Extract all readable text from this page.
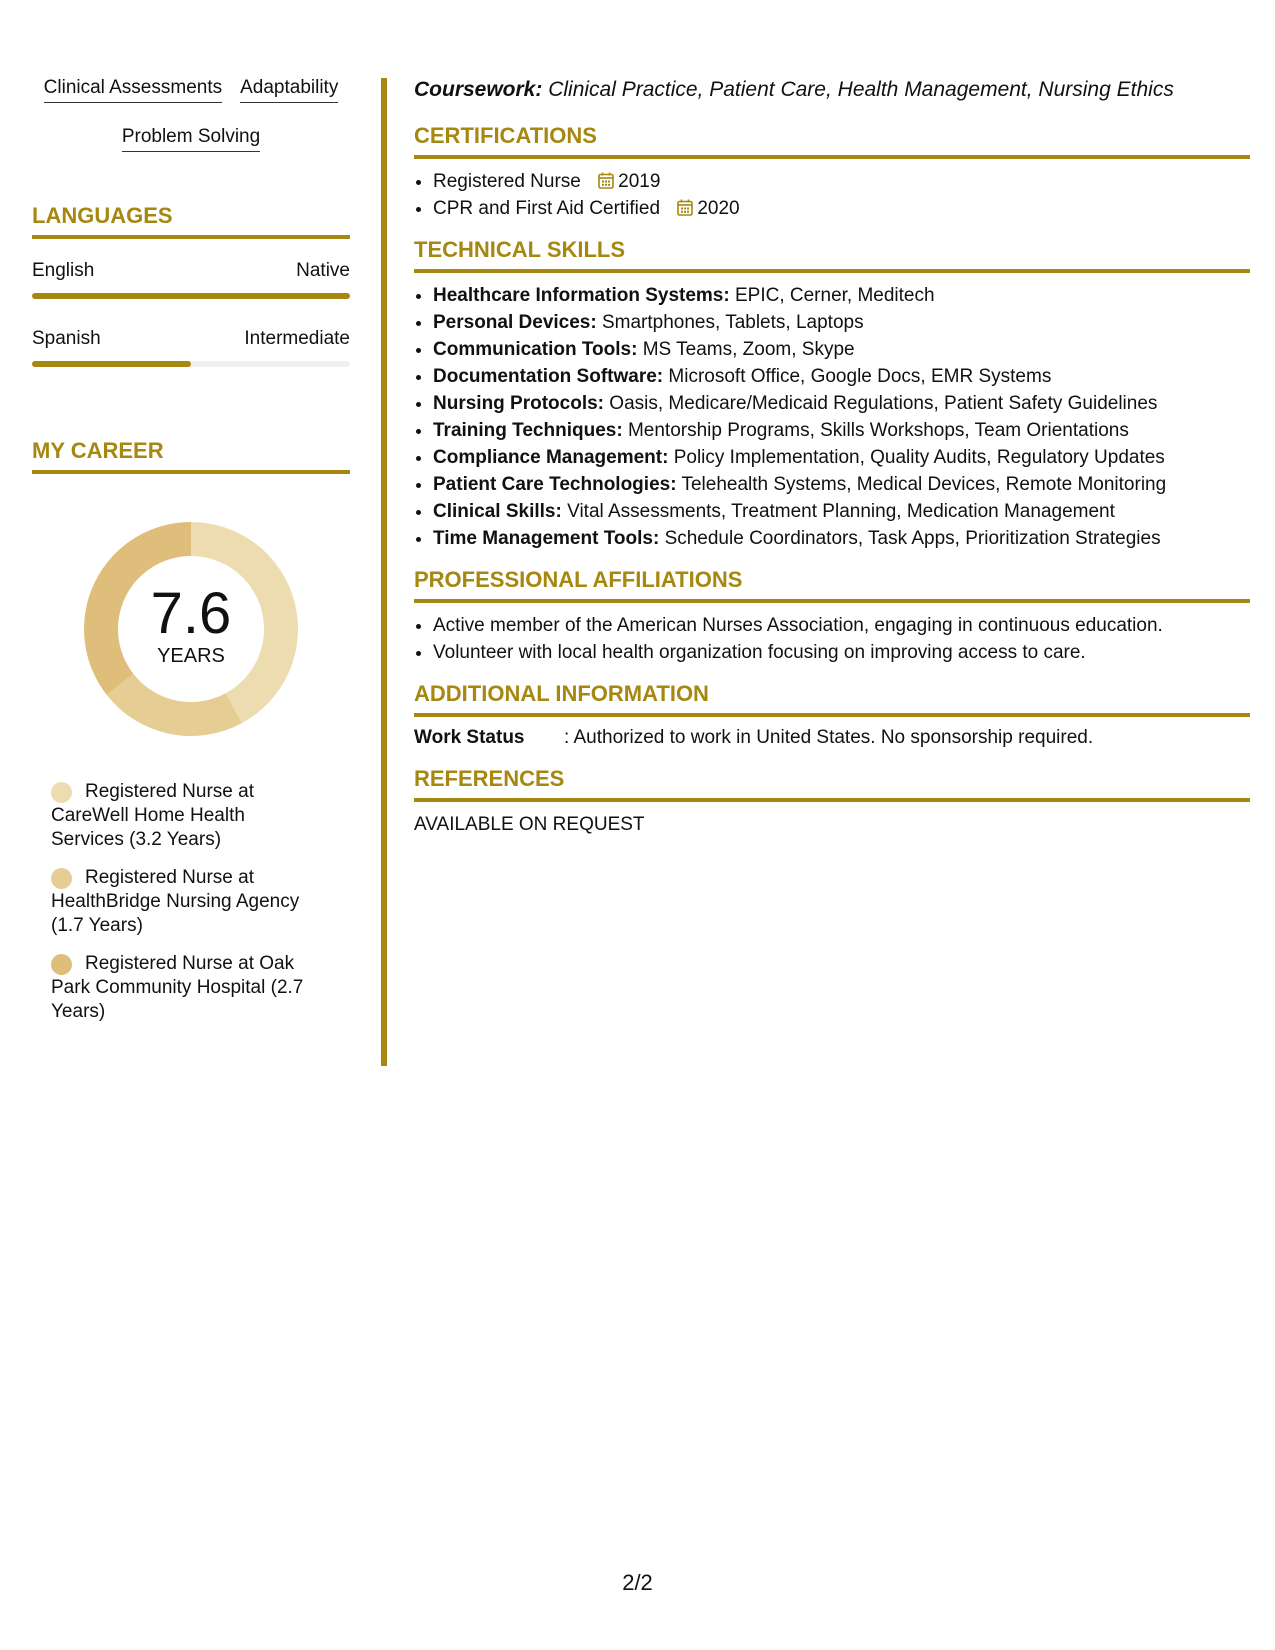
Clinical Assessments Adaptability
Problem Solving
LANGUAGES
English	Native
Spanish	Intermediate
MY CAREER
7.6
YEARS
Registered Nurse at CareWell Home Health Services (3.2 Years)
Registered Nurse at HealthBridge Nursing Agency (1.7 Years)
Registered Nurse at Oak Park Community Hospital (2.7 Years)
Coursework: Clinical Practice, Patient Care, Health Management, Nursing Ethics
CERTIFICATIONS
• Registered Nurse 2019
• CPR and First Aid Certified 2020
TECHNICAL SKILLS
• Healthcare Information Systems: EPIC, Cerner, Meditech
• Personal Devices: Smartphones, Tablets, Laptops
• Communication Tools: MS Teams, Zoom, Skype
• Documentation Software: Microsoft Office, Google Docs, EMR Systems
• Nursing Protocols: Oasis, Medicare/Medicaid Regulations, Patient Safety Guidelines
• Training Techniques: Mentorship Programs, Skills Workshops, Team Orientations
• Compliance Management: Policy Implementation, Quality Audits, Regulatory Updates
• Patient Care Technologies: Telehealth Systems, Medical Devices, Remote Monitoring
• Clinical Skills: Vital Assessments, Treatment Planning, Medication Management
• Time Management Tools: Schedule Coordinators, Task Apps, Prioritization Strategies
PROFESSIONAL AFFILIATIONS
• Active member of the American Nurses Association, engaging in continuous education.
• Volunteer with local health organization focusing on improving access to care.
ADDITIONAL INFORMATION
Work Status	: Authorized to work in United States. No sponsorship required.
REFERENCES
AVAILABLE ON REQUEST
2/2
